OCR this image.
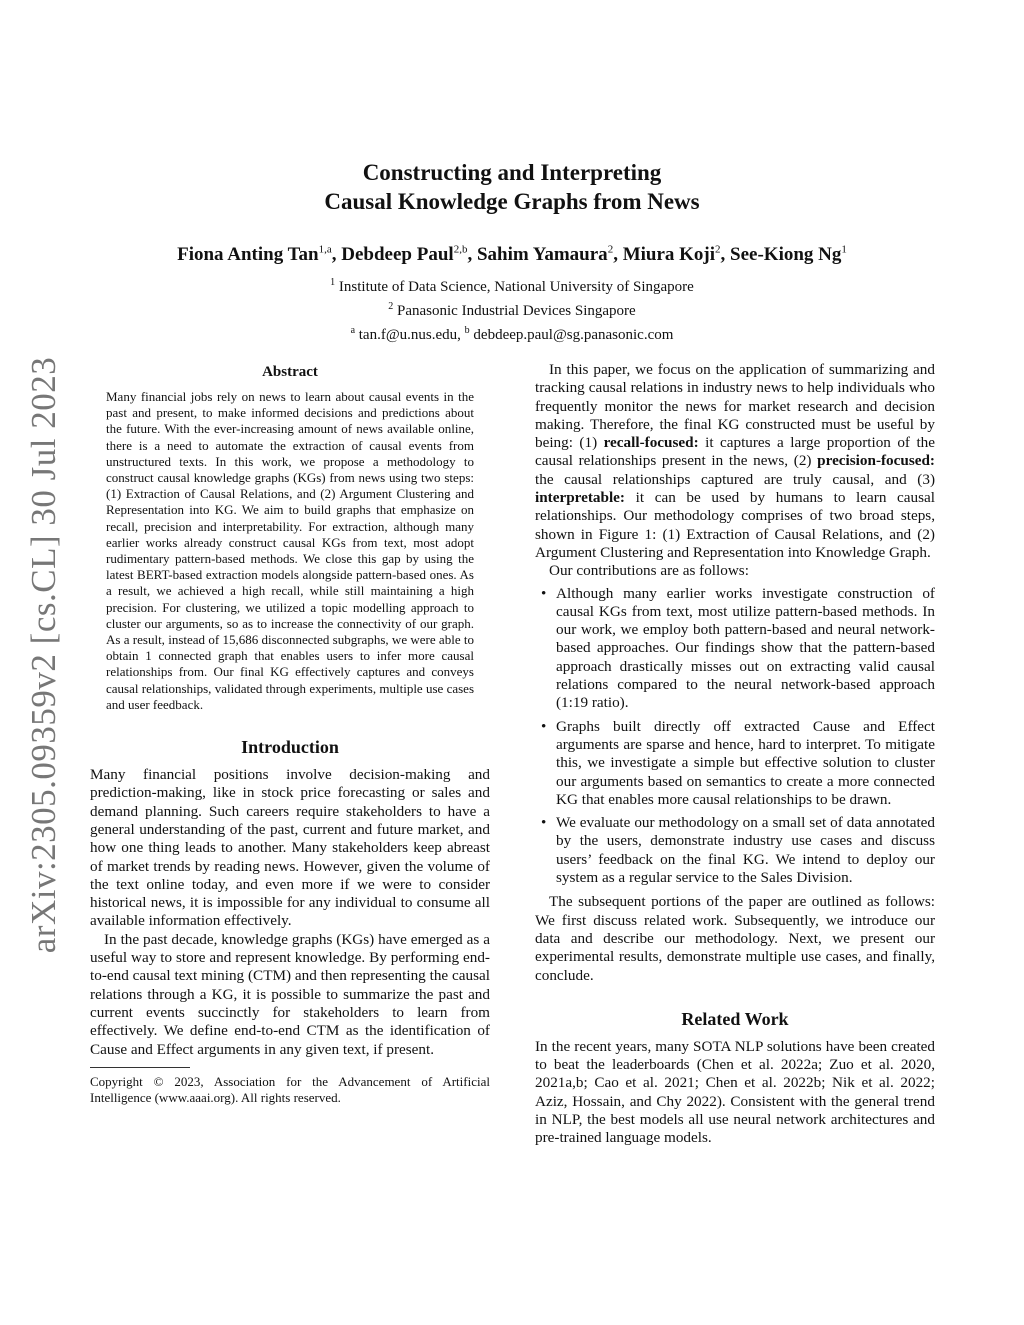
arXiv:2305.09359v2 [cs.CL] 30 Jul 2023
Constructing and Interpreting
Causal Knowledge Graphs from News
Fiona Anting Tan$^{1,a}$, Debdeep Paul$^{2,b}$, Sahim Yamaura$^2$, Miura Koji$^2$, See-Kiong Ng$^1$
$^1$ Institute of Data Science, National University of Singapore
$^2$ Panasonic Industrial Devices Singapore
$^a$ tan.f@u.nus.edu, $^b$ debdeep.paul@sg.panasonic.com
Abstract

Many financial jobs rely on news to learn about causal events in the past and present, to make informed decisions and predictions about the future. With the ever-increasing amount of news available online, there is a need to automate the extraction of causal events from unstructured texts. In this work, we propose a methodology to construct causal knowledge graphs (KGs) from news using two steps: (1) Extraction of Causal Relations, and (2) Argument Clustering and Representation into KG. We aim to build graphs that emphasize on recall, precision and interpretability. For extraction, although many earlier works already construct causal KGs from text, most adopt rudimentary pattern-based methods. We close this gap by using the latest BERT-based extraction models alongside pattern-based ones. As a result, we achieved a high recall, while still maintaining a high precision. For clustering, we utilized a topic modelling approach to cluster our arguments, so as to increase the connectivity of our graph. As a result, instead of 15,686 disconnected subgraphs, we were able to obtain 1 connected graph that enables users to infer more causal relationships from. Our final KG effectively captures and conveys causal relationships, validated through experiments, multiple use cases and user feedback.

Introduction

Many financial positions involve decision-making and prediction-making, like in stock price forecasting or sales and demand planning. Such careers require stakeholders to have a general understanding of the past, current and future market, and how one thing leads to another. Many stakeholders keep abreast of market trends by reading news. However, given the volume of the text online today, and even more if we were to consider historical news, it is impossible for any individual to consume all available information effectively.

In the past decade, knowledge graphs (KGs) have emerged as a useful way to store and represent knowledge. By performing end-to-end causal text mining (CTM) and then representing the causal relations through a KG, it is possible to summarize the past and current events succinctly for stakeholders to learn from effectively. We define end-to-end CTM as the identification of Cause and Effect arguments in any given text, if present.

Copyright © 2023, Association for the Advancement of Artificial Intelligence (www.aaai.org). All rights reserved.

In this paper, we focus on the application of summarizing and tracking causal relations in industry news to help individuals who frequently monitor the news for market research and decision making. Therefore, the final KG constructed must be useful by being: (1) recall-focused: it captures a large proportion of the causal relationships present in the news, (2) precision-focused: the causal relationships captured are truly causal, and (3) interpretable: it can be used by humans to learn causal relationships. Our methodology comprises of two broad steps, shown in Figure 1: (1) Extraction of Causal Relations, and (2) Argument Clustering and Representation into Knowledge Graph.

Our contributions are as follows:

• Although many earlier works investigate construction of causal KGs from text, most utilize pattern-based methods. In our work, we employ both pattern-based and neural network-based approaches. Our findings show that the pattern-based approach drastically misses out on extracting valid causal relations compared to the neural network-based approach (1:19 ratio).
• Graphs built directly off extracted Cause and Effect arguments are sparse and hence, hard to interpret. To mitigate this, we investigate a simple but effective solution to cluster our arguments based on semantics to create a more connected KG that enables more causal relationships to be drawn.
• We evaluate our methodology on a small set of data annotated by the users, demonstrate industry use cases and discuss users’ feedback on the final KG. We intend to deploy our system as a regular service to the Sales Division.

The subsequent portions of the paper are outlined as follows: We first discuss related work. Subsequently, we introduce our data and describe our methodology. Next, we present our experimental results, demonstrate multiple use cases, and finally, conclude.

Related Work

In the recent years, many SOTA NLP solutions have been created to beat the leaderboards (Chen et al. 2022a; Zuo et al. 2020, 2021a,b; Cao et al. 2021; Chen et al. 2022b; Nik et al. 2022; Aziz, Hossain, and Chy 2022). Consistent with the general trend in NLP, the best models all use neural network architectures and pre-trained language models.
